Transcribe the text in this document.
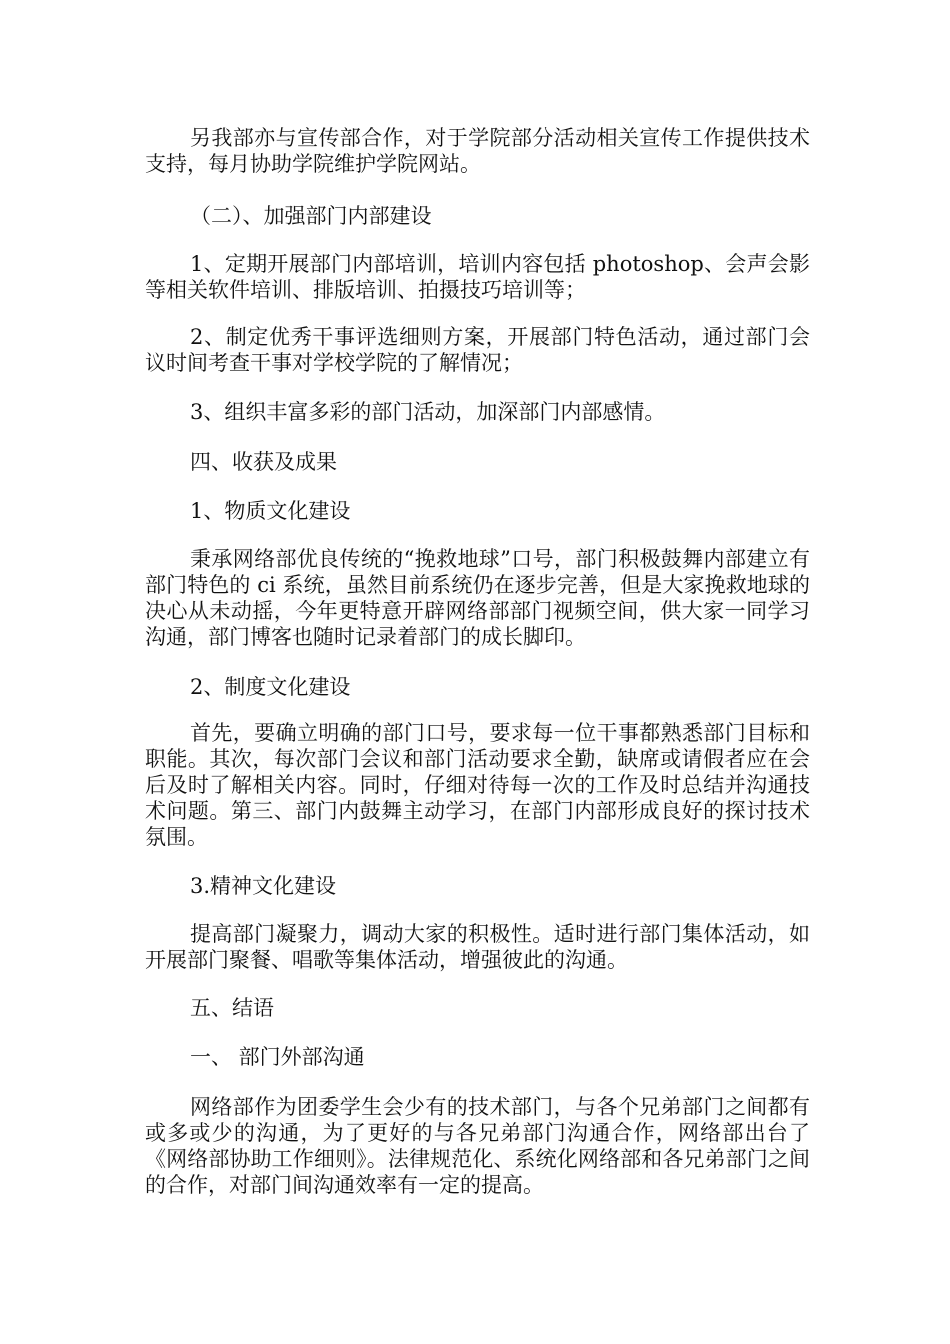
另我部亦与宣传部合作，对于学院部分活动相关宣传工作提供技术支持，每月协助学院维护学院网站。

（二）、加强部门内部建设

1、定期开展部门内部培训，培训内容包括 photoshop、会声会影等相关软件培训、排版培训、拍摄技巧培训等；

2、制定优秀干事评选细则方案，开展部门特色活动，通过部门会议时间考查干事对学校学院的了解情况；

3、组织丰富多彩的部门活动，加深部门内部感情。

四、收获及成果

1、物质文化建设

秉承网络部优良传统的“挽救地球”口号，部门积极鼓舞内部建立有部门特色的 ci 系统，虽然目前系统仍在逐步完善，但是大家挽救地球的决心从未动摇，今年更特意开辟网络部部门视频空间，供大家一同学习沟通，部门博客也随时记录着部门的成长脚印。

2、制度文化建设

首先，要确立明确的部门口号，要求每一位干事都熟悉部门目标和职能。其次，每次部门会议和部门活动要求全勤，缺席或请假者应在会后及时了解相关内容。同时，仔细对待每一次的工作及时总结并沟通技术问题。第三、部门内鼓舞主动学习，在部门内部形成良好的探讨技术氛围。

3.精神文化建设

提高部门凝聚力，调动大家的积极性。适时进行部门集体活动，如开展部门聚餐、唱歌等集体活动，增强彼此的沟通。

五、结语

一、 部门外部沟通

网络部作为团委学生会少有的技术部门，与各个兄弟部门之间都有或多或少的沟通，为了更好的与各兄弟部门沟通合作，网络部出台了《网络部协助工作细则》。法律规范化、系统化网络部和各兄弟部门之间的合作，对部门间沟通效率有一定的提高。
